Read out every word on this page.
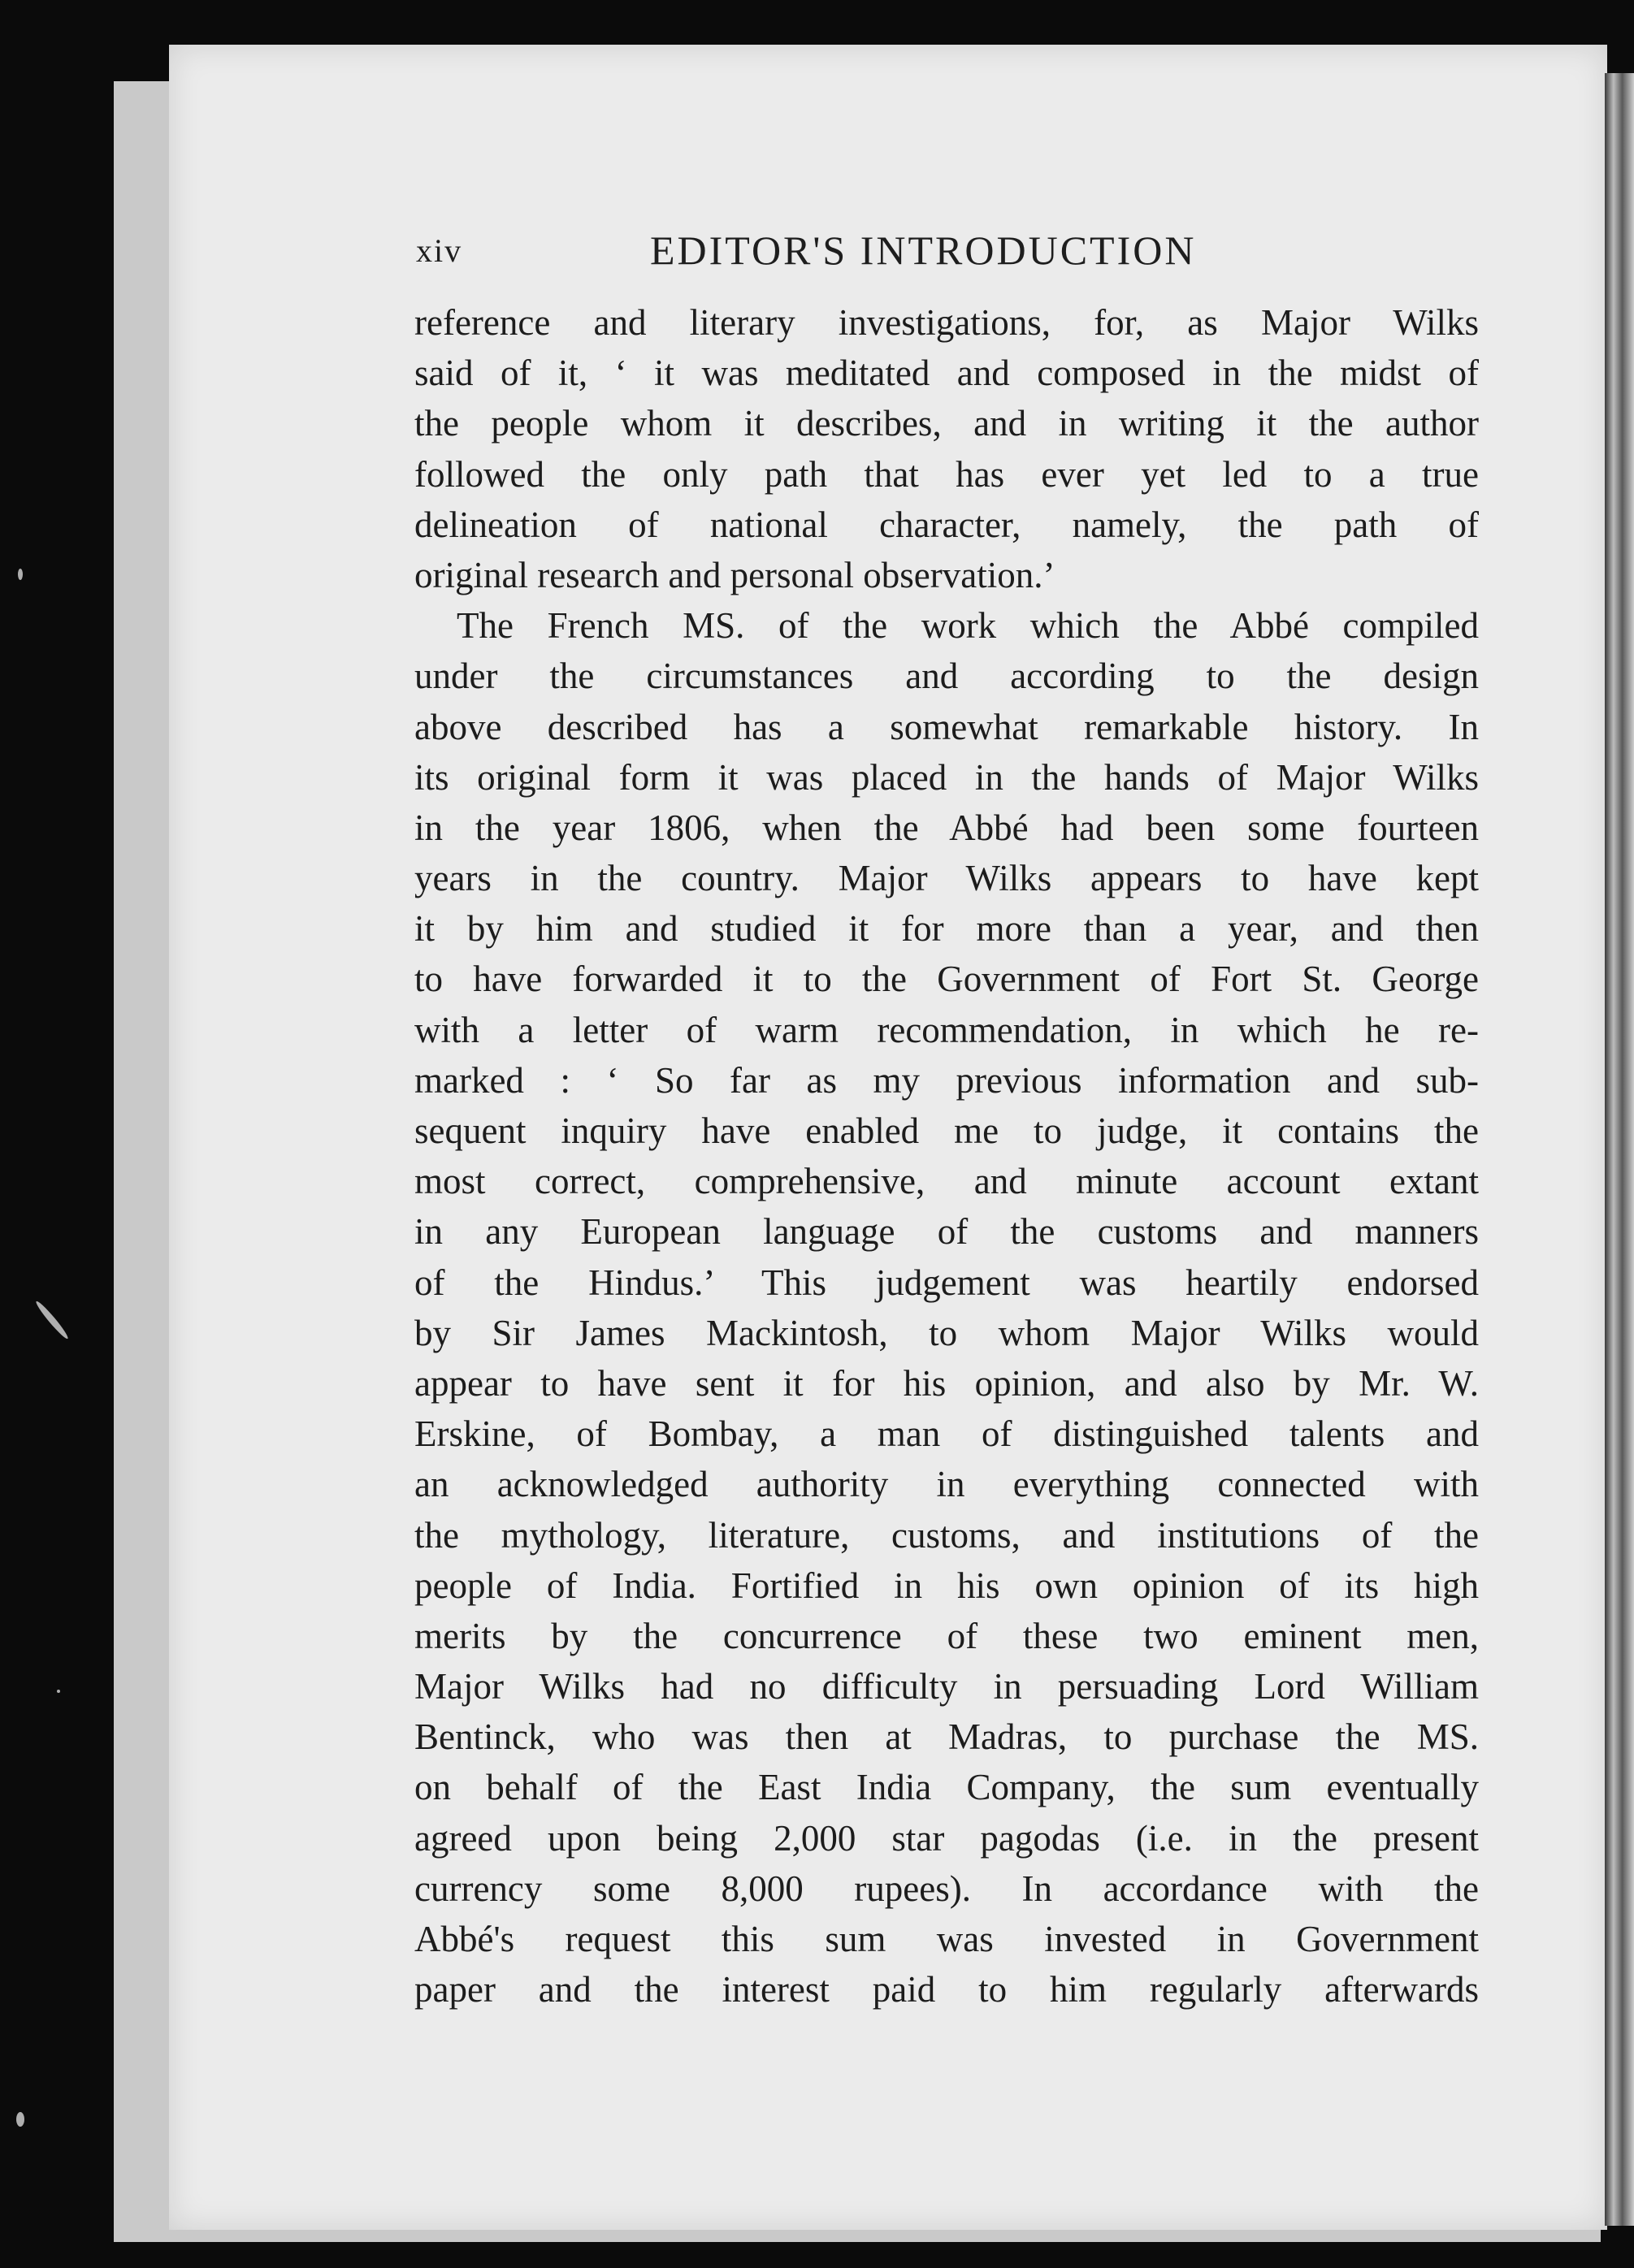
xiv	EDITOR'S INTRODUCTION
reference and literary investigations, for, as Major Wilks
said of it, ‘ it was meditated and composed in the midst of
the people whom it describes, and in writing it the author
followed the only path that has ever yet led to a true
delineation of national character, namely, the path of
original research and personal observation.’
The French MS. of the work which the Abbé compiled
under the circumstances and according to the design
above described has a somewhat remarkable history. In
its original form it was placed in the hands of Major Wilks
in the year 1806, when the Abbé had been some fourteen
years in the country. Major Wilks appears to have kept
it by him and studied it for more than a year, and then
to have forwarded it to the Government of Fort St. George
with a letter of warm recommendation, in which he re-
marked : ‘ So far as my previous information and sub-
sequent inquiry have enabled me to judge, it contains the
most correct, comprehensive, and minute account extant
in any European language of the customs and manners
of the Hindus.’ This judgement was heartily endorsed
by Sir James Mackintosh, to whom Major Wilks would
appear to have sent it for his opinion, and also by Mr. W.
Erskine, of Bombay, a man of distinguished talents and
an acknowledged authority in everything connected with
the mythology, literature, customs, and institutions of the
people of India. Fortified in his own opinion of its high
merits by the concurrence of these two eminent men,
Major Wilks had no difficulty in persuading Lord William
Bentinck, who was then at Madras, to purchase the MS.
on behalf of the East India Company, the sum eventually
agreed upon being 2,000 star pagodas (i.e. in the present
currency some 8,000 rupees). In accordance with the
Abbé's request this sum was invested in Government
paper and the interest paid to him regularly afterwards
